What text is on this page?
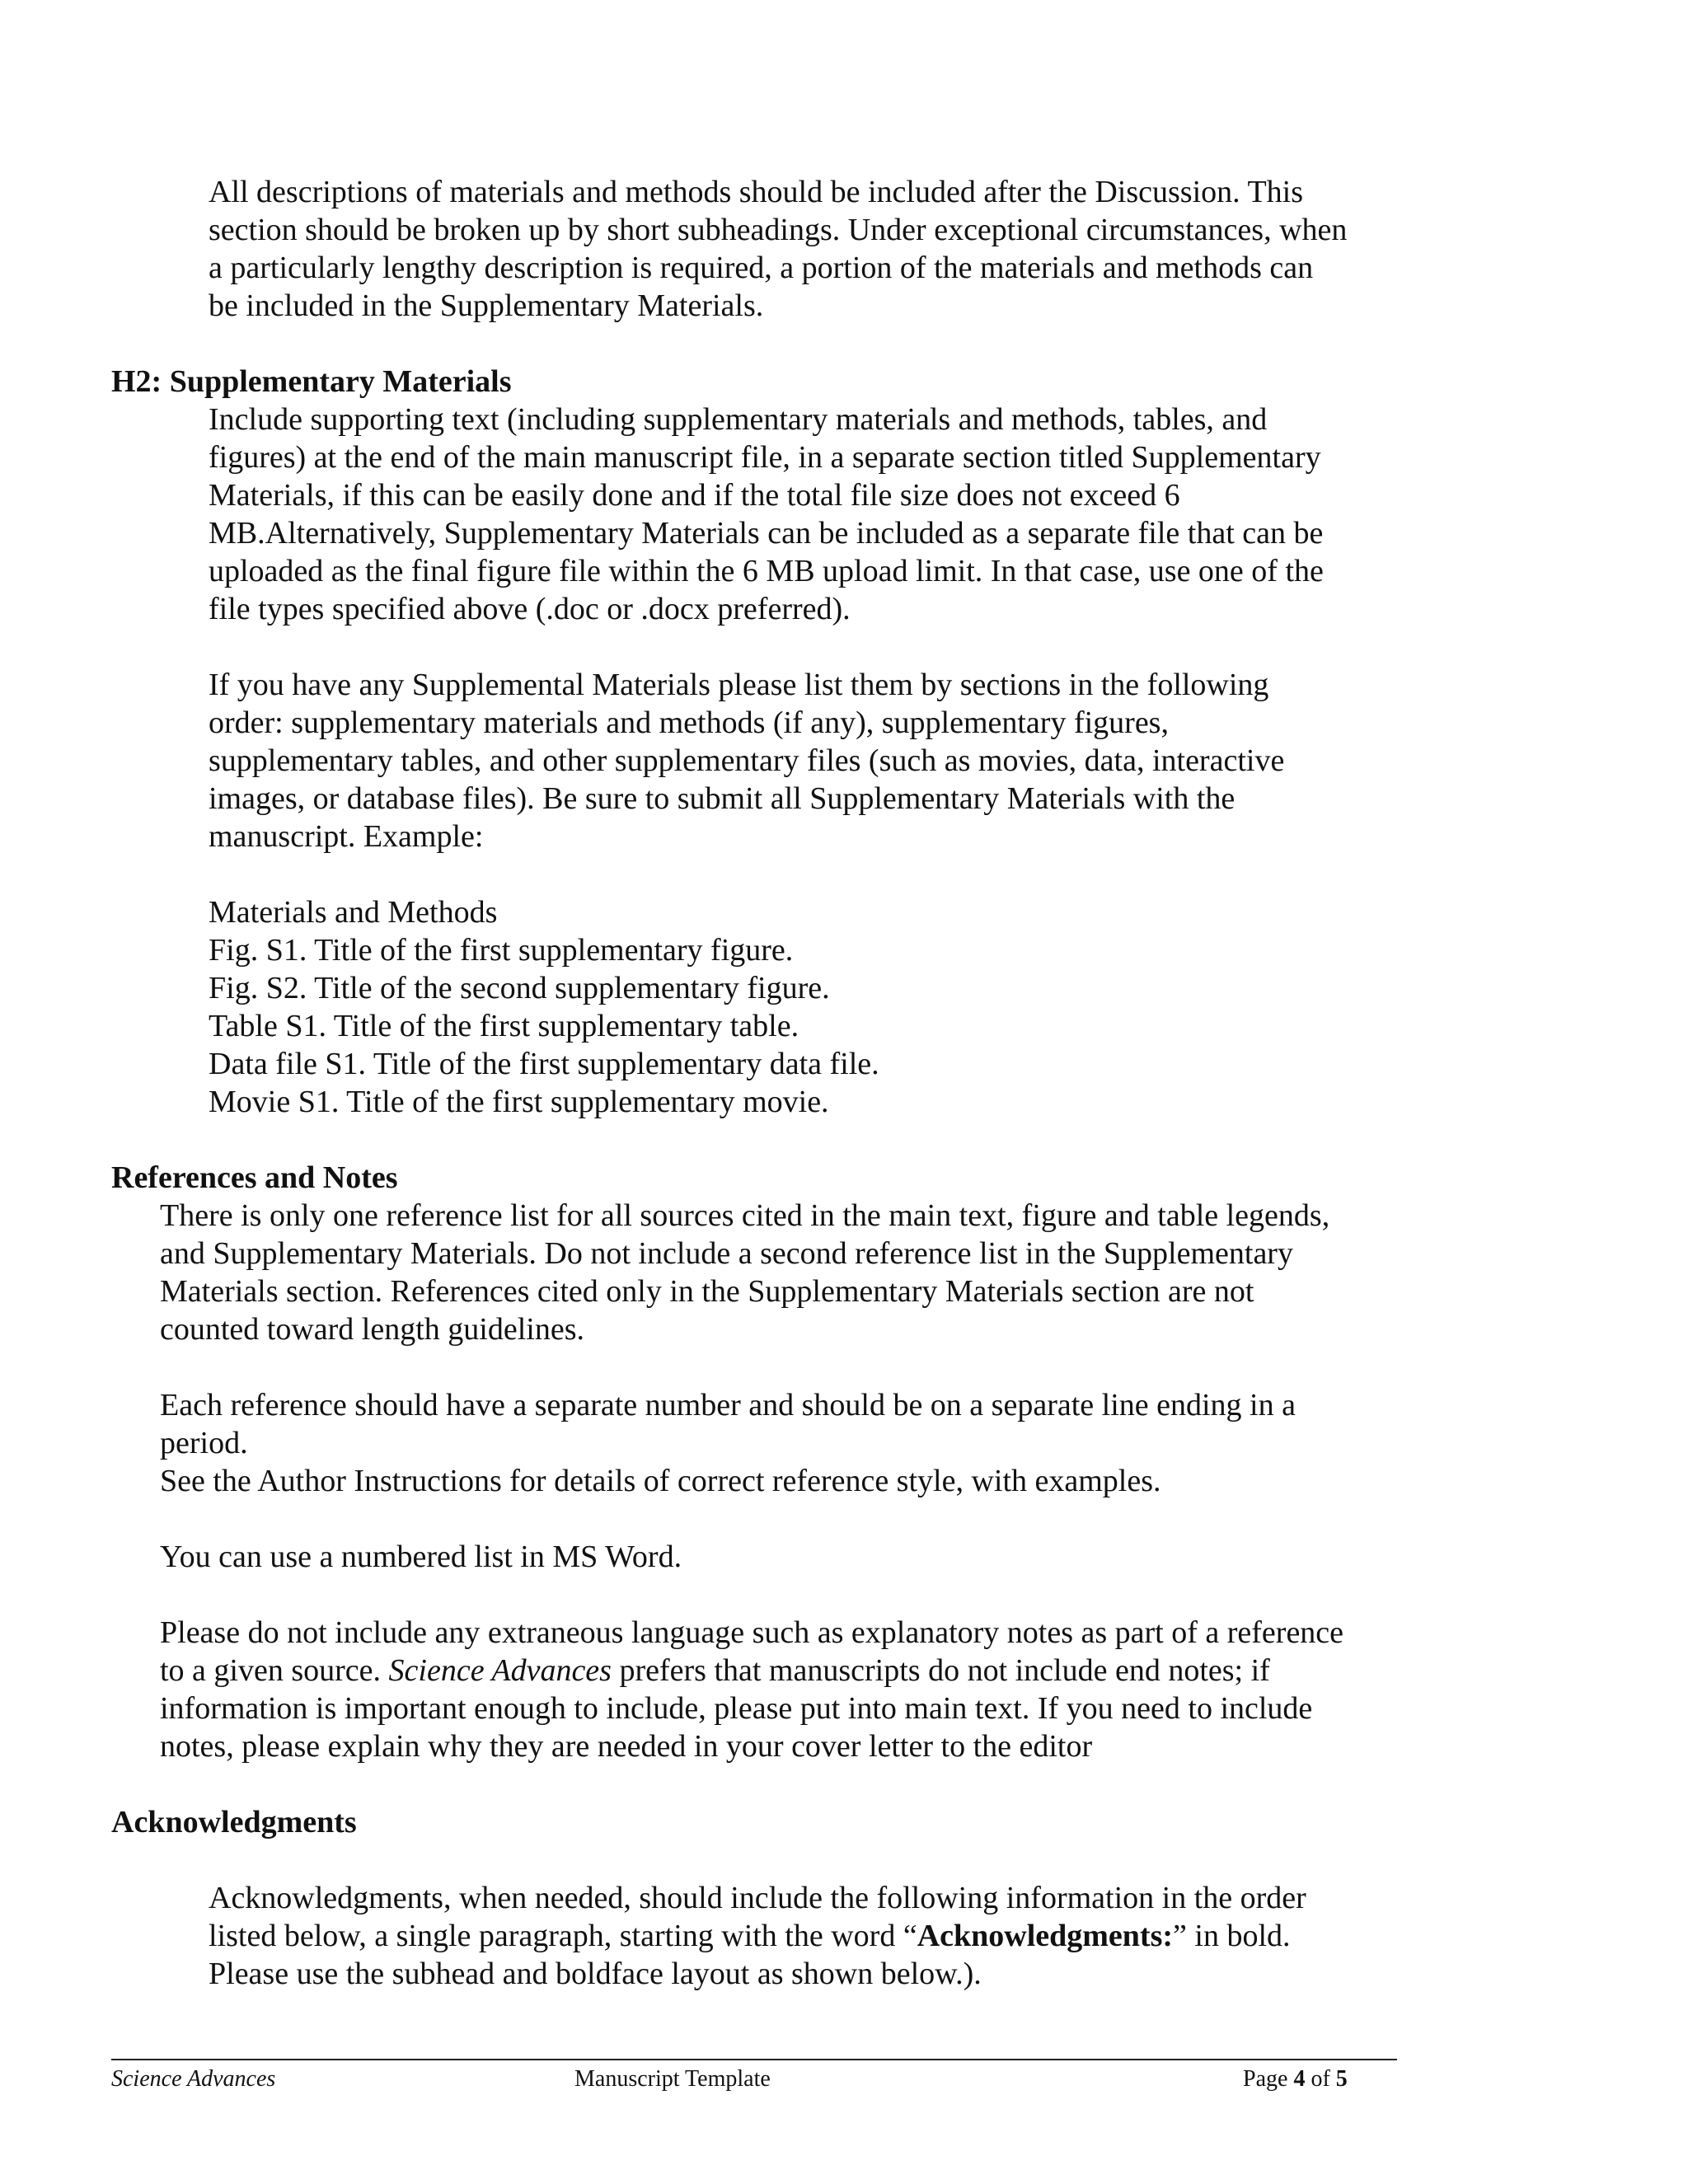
All descriptions of materials and methods should be included after the Discussion. This
section should be broken up by short subheadings. Under exceptional circumstances, when
a particularly lengthy description is required, a portion of the materials and methods can
be included in the Supplementary Materials.
H2: Supplementary Materials
Include supporting text (including supplementary materials and methods, tables, and
figures) at the end of the main manuscript file, in a separate section titled Supplementary
Materials, if this can be easily done and if the total file size does not exceed 6
MB.Alternatively, Supplementary Materials can be included as a separate file that can be
uploaded as the final figure file within the 6 MB upload limit. In that case, use one of the
file types specified above (.doc or .docx preferred).
If you have any Supplemental Materials please list them by sections in the following
order: supplementary materials and methods (if any), supplementary figures,
supplementary tables, and other supplementary files (such as movies, data, interactive
images, or database files). Be sure to submit all Supplementary Materials with the
manuscript. Example:
Materials and Methods
Fig. S1. Title of the first supplementary figure.
Fig. S2. Title of the second supplementary figure.
Table S1. Title of the first supplementary table.
Data file S1. Title of the first supplementary data file.
Movie S1. Title of the first supplementary movie.
References and Notes
There is only one reference list for all sources cited in the main text, figure and table legends,
and Supplementary Materials. Do not include a second reference list in the Supplementary
Materials section. References cited only in the Supplementary Materials section are not
counted toward length guidelines.
Each reference should have a separate number and should be on a separate line ending in a
period.
See the Author Instructions for details of correct reference style, with examples.
You can use a numbered list in MS Word.
Please do not include any extraneous language such as explanatory notes as part of a reference
to a given source. Science Advances prefers that manuscripts do not include end notes; if
information is important enough to include, please put into main text. If you need to include
notes, please explain why they are needed in your cover letter to the editor
Acknowledgments
Acknowledgments, when needed, should include the following information in the order
listed below, a single paragraph, starting with the word “Acknowledgments:” in bold.
Please use the subhead and boldface layout as shown below.).
Science Advances	Manuscript Template	Page 4 of 5
